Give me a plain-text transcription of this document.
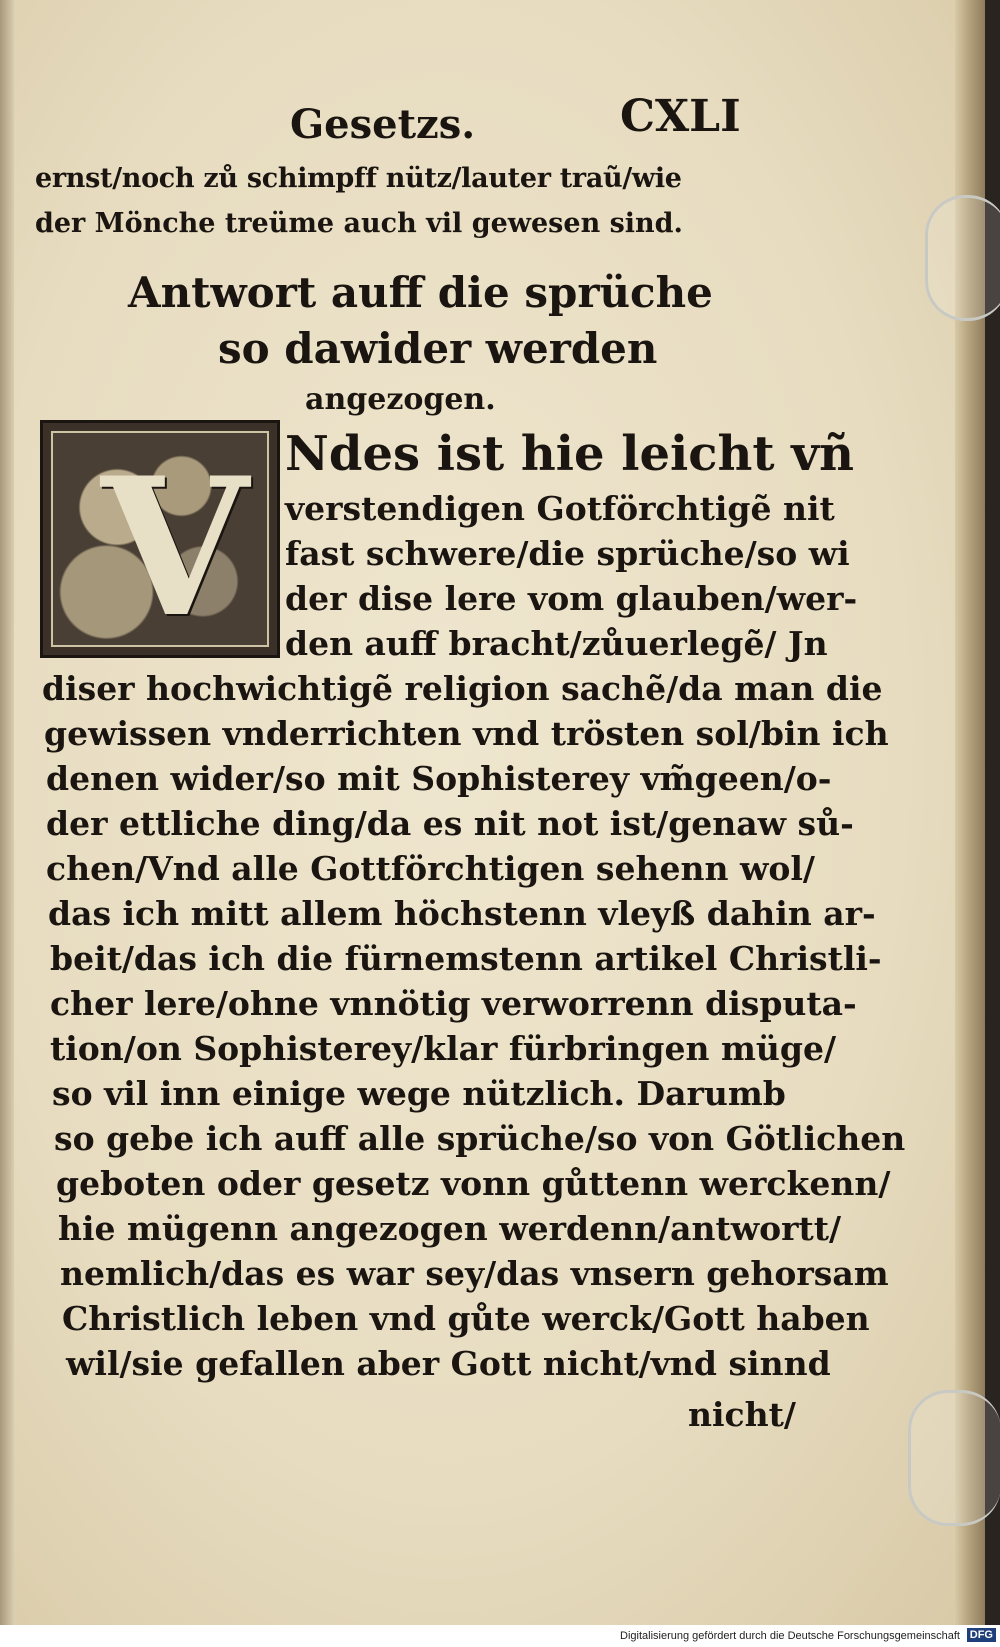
Gesetzs.	CXLI
ernst/noch zů schimpff nütz/lauter traũ/wie
der Mönche treüme auch vil gewesen sind.
Antwort auff die sprüche
so dawider werden
angezogen.
V Ndes ist hie leicht vñ
verstendigen Gotförchtigẽ nit
fast schwere/die sprüche/so wi
der dise lere vom glauben/wer-
den auff bracht/zůuerlegẽ/ Jn
diser hochwichtigẽ religion sachẽ/da man die
gewissen vnderrichten vnd trösten sol/bin ich
denen wider/so mit Sophisterey vm̃geen/o-
der ettliche ding/da es nit not ist/genaw sů-
chen/Vnd alle Gottförchtigen sehenn wol/
das ich mitt allem höchstenn vleyß dahin ar-
beit/das ich die fürnemstenn artikel Christli-
cher lere/ohne vnnötig verworrenn disputa-
tion/on Sophisterey/klar fürbringen müge/
so vil inn einige wege nützlich. Darumb
so gebe ich auff alle sprüche/so von Götlichen
geboten oder gesetz vonn gůttenn werckenn/
hie mügenn angezogen werdenn/antwortt/
nemlich/das es war sey/das vnsern gehorsam
Christlich leben vnd gůte werck/Gott haben
wil/sie gefallen aber Gott nicht/vnd sinnd
nicht/
Digitalisierung gefördert durch die Deutsche Forschungsgemeinschaft DFG
